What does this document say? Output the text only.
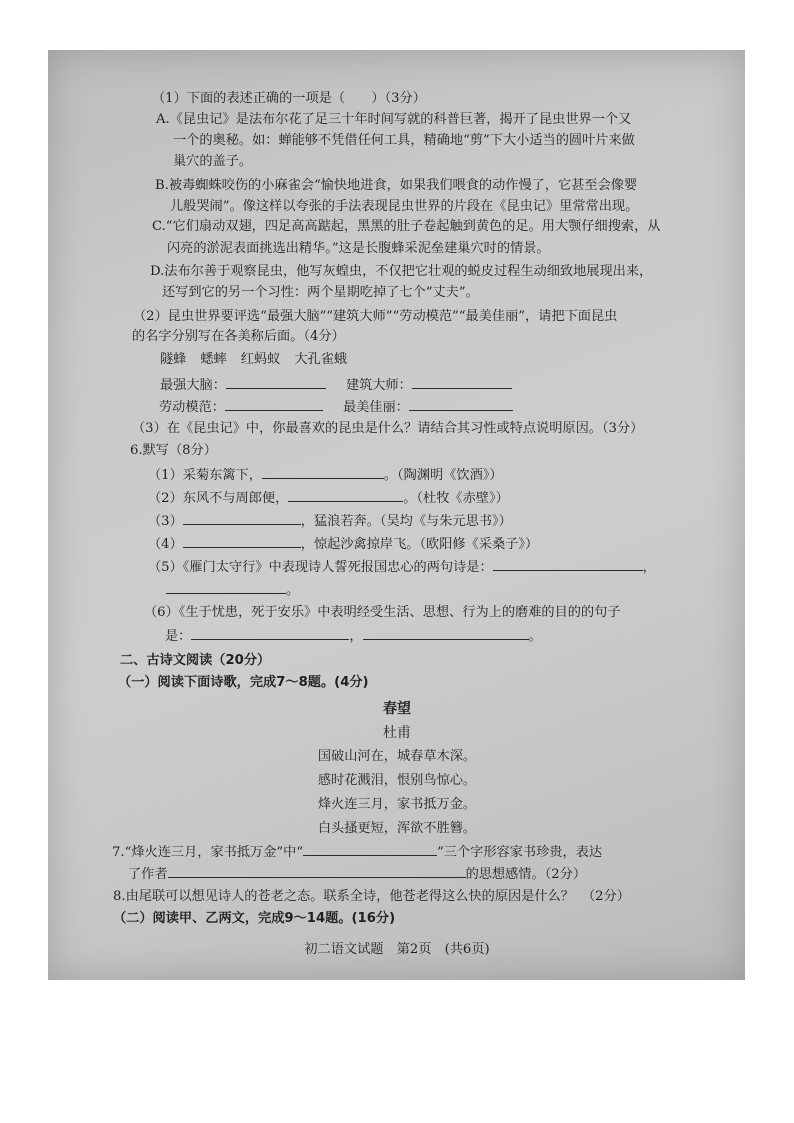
（1）下面的表述正确的一项是（　　）（3分）
A.《昆虫记》是法布尔花了足三十年时间写就的科普巨著，揭开了昆虫世界一个又
一个的奥秘。如：蝉能够不凭借任何工具，精确地“剪”下大小适当的圆叶片来做
巢穴的盖子。
B.被毒蜘蛛咬伤的小麻雀会“愉快地进食，如果我们喂食的动作慢了，它甚至会像婴
儿般哭闹”。像这样以夸张的手法表现昆虫世界的片段在《昆虫记》里常常出现。
C.“它们扇动双翅，四足高高踮起，黑黑的肚子卷起触到黄色的足。用大颚仔细搜索，从
闪亮的淤泥表面挑选出精华。”这是长腹蜂采泥垒建巢穴时的情景。
D.法布尔善于观察昆虫，他写灰蝗虫，不仅把它壮观的蜕皮过程生动细致地展现出来，
还写到它的另一个习性：两个星期吃掉了七个“丈夫”。
（2）昆虫世界要评选“最强大脑”“建筑大师”“劳动模范”“最美佳丽”，请把下面昆虫
的名字分别写在各美称后面。（4分）
隧蜂 蟋蟀 红蚂蚁 大孔雀蛾
最强大脑：	建筑大师：
劳动模范：	最美佳丽：
（3）在《昆虫记》中，你最喜欢的昆虫是什么？请结合其习性或特点说明原因。（3分）
6.默写（8分）
（1）采菊东篱下，	。（陶渊明《饮酒》）
（2）东风不与周郎便，	。（杜牧《赤壁》）
（3）	，猛浪若奔。（吴均《与朱元思书》）
（4）	，惊起沙禽掠岸飞。（欧阳修《采桑子》）
（5）《雁门太守行》中表现诗人誓死报国忠心的两句诗是：	，
。
（6）《生于忧患，死于安乐》中表明经受生活、思想、行为上的磨难的目的的句子
是：	，	。
二、古诗文阅读（20分）
（一）阅读下面诗歌，完成7～8题。(4分)
春望
杜甫
国破山河在，城春草木深。
感时花溅泪，恨别鸟惊心。
烽火连三月，家书抵万金。
白头搔更短，浑欲不胜簪。
7.“烽火连三月，家书抵万金”中“	”三个字形容家书珍贵，表达
了作者	的思想感情。（2分）
8.由尾联可以想见诗人的苍老之态。联系全诗，他苍老得这么快的原因是什么？ （2分）
（二）阅读甲、乙两文，完成9～14题。(16分)
初二语文试题　第2页　(共6页)
